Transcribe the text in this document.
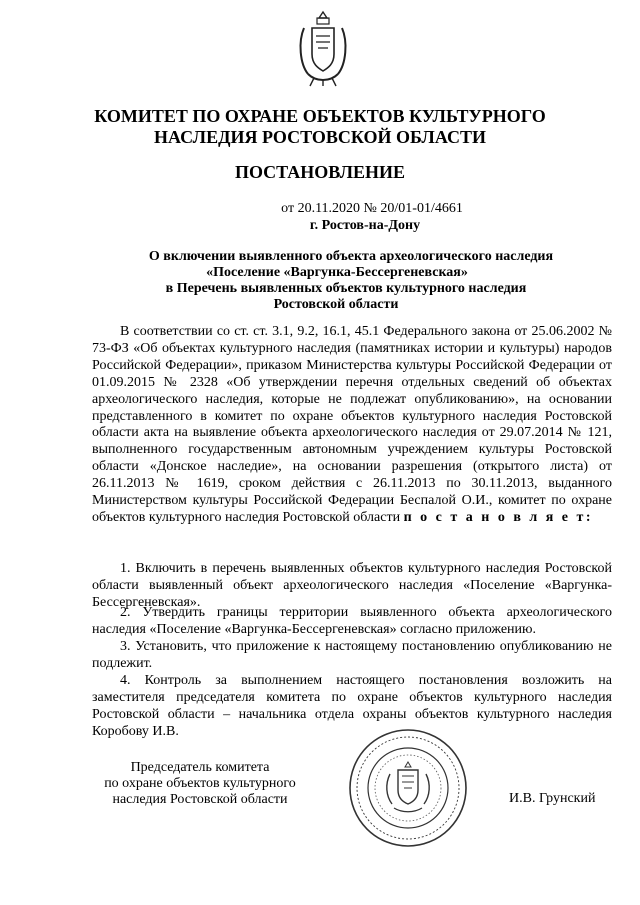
КОМИТЕТ ПО ОХРАНЕ ОБЪЕКТОВ КУЛЬТУРНОГО
НАСЛЕДИЯ РОСТОВСКОЙ ОБЛАСТИ
ПОСТАНОВЛЕНИЕ
от 20.11.2020 № 20/01-01/4661
г. Ростов-на-Дону
О включении выявленного объекта археологического наследия
«Поселение «Варгунка-Бессергеневская»
в Перечень выявленных объектов культурного наследия
Ростовской области

В соответствии со ст. ст. 3.1, 9.2, 16.1, 45.1 Федерального закона от 25.06.2002 № 73-ФЗ «Об объектах культурного наследия (памятниках истории и культуры) народов Российской Федерации», приказом Министерства культуры Российской Федерации от 01.09.2015 № 2328 «Об утверждении перечня отдельных сведений об объектах археологического наследия, которые не подлежат опубликованию», на основании представленного в комитет по охране объектов культурного наследия Ростовской области акта на выявление объекта археологического наследия от 29.07.2014 № 121, выполненного государственным автономным учреждением культуры Ростовской области «Донское наследие», на основании разрешения (открытого листа) от 26.11.2013 № 1619, сроком действия с 26.11.2013 по 30.11.2013, выданного Министерством культуры Российской Федерации Беспалой О.И., комитет по охране объектов культурного наследия Ростовской области п о с т а н о в л я е т:

1. Включить в перечень выявленных объектов культурного наследия Ростовской области выявленный объект археологического наследия «Поселение «Варгунка-Бессергеневская».

2. Утвердить границы территории выявленного объекта археологического наследия «Поселение «Варгунка-Бессергеневская» согласно приложению.

3. Установить, что приложение к настоящему постановлению опубликованию не подлежит.

4. Контроль за выполнением настоящего постановления возложить на заместителя председателя комитета по охране объектов культурного наследия Ростовской области – начальника отдела охраны объектов культурного наследия Коробову И.В.

Председатель комитета
по охране объектов культурного
наследия Ростовской области	И.В. Грунский
